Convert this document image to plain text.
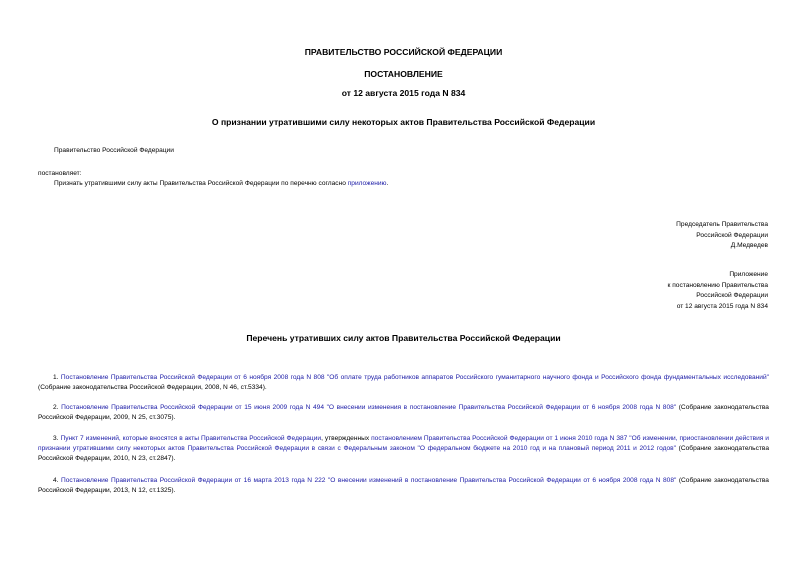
ПРАВИТЕЛЬСТВО РОССИЙСКОЙ ФЕДЕРАЦИИ
ПОСТАНОВЛЕНИЕ
от 12 августа 2015 года N 834
О признании утратившими силу некоторых актов Правительства Российской Федерации
Правительство Российской Федерации
постановляет:
Признать утратившими силу акты Правительства Российской Федерации по перечню согласно приложению.
Председатель Правительства
Российской Федерации
Д.Медведев
Приложение
к постановлению Правительства
Российской Федерации
от 12 августа 2015 года N 834
Перечень утративших силу актов Правительства Российской Федерации
1. Постановление Правительства Российской Федерации от 6 ноября 2008 года N 808 "Об оплате труда работников аппаратов Российского гуманитарного научного фонда и Российского фонда фундаментальных исследований" (Собрание законодательства Российской Федерации, 2008, N 46, ст.5334).
2. Постановление Правительства Российской Федерации от 15 июня 2009 года N 494 "О внесении изменения в постановление Правительства Российской Федерации от 6 ноября 2008 года N 808" (Собрание законодательства Российской Федерации, 2009, N 25, ст.3075).
3. Пункт 7 изменений, которые вносятся в акты Правительства Российской Федерации, утвержденных постановлением Правительства Российской Федерации от 1 июня 2010 года N 387 "Об изменении, приостановлении действия и признании утратившими силу некоторых актов Правительства Российской Федерации в связи с Федеральным законом "О федеральном бюджете на 2010 год и на плановый период 2011 и 2012 годов" (Собрание законодательства Российской Федерации, 2010, N 23, ст.2847).
4. Постановление Правительства Российской Федерации от 16 марта 2013 года N 222 "О внесении изменений в постановление Правительства Российской Федерации от 6 ноября 2008 года N 808" (Собрание законодательства Российской Федерации, 2013, N 12, ст.1325).
